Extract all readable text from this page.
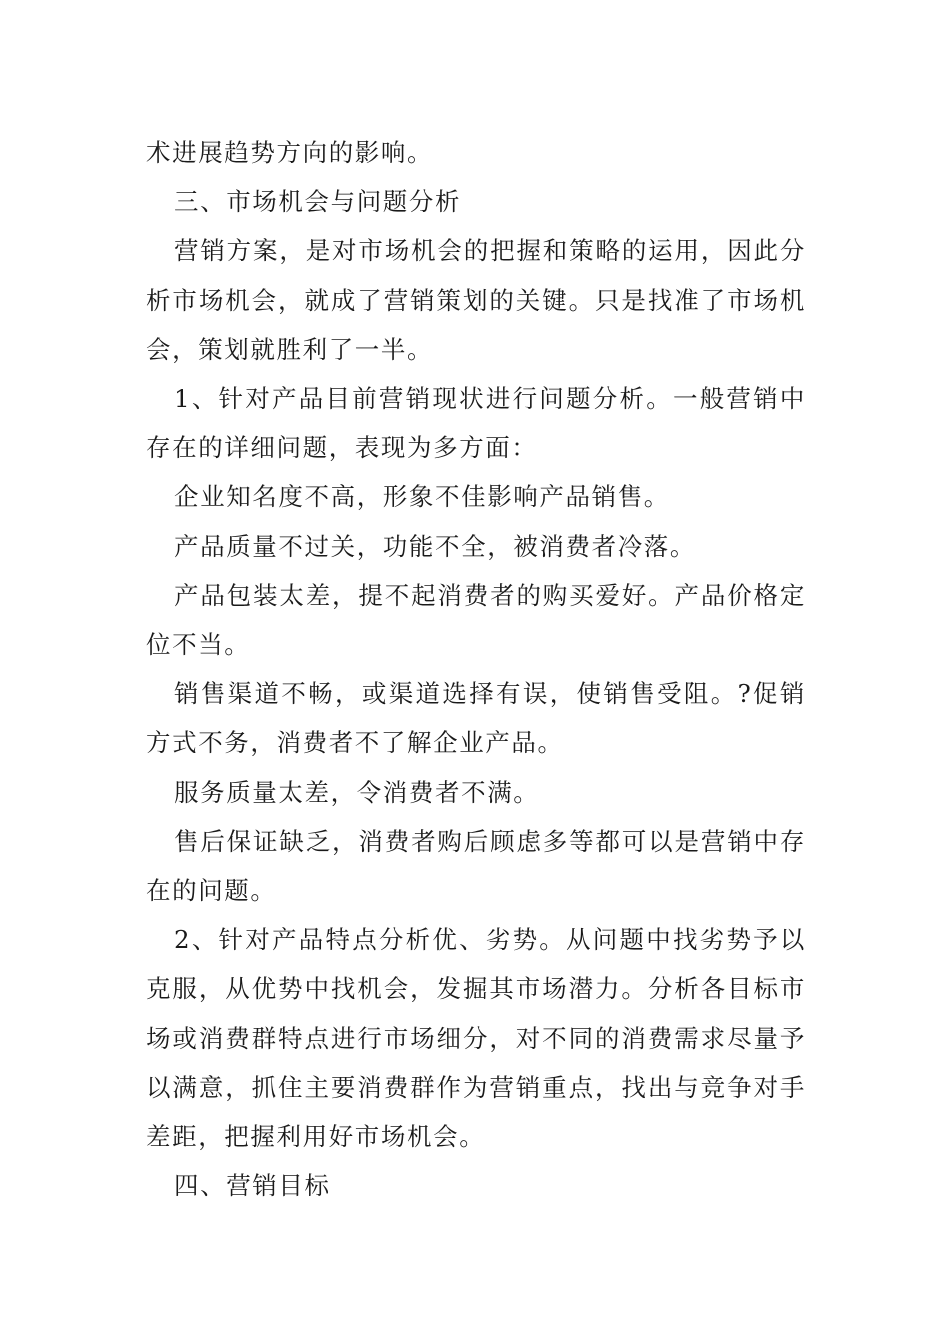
术进展趋势方向的影响。

三、市场机会与问题分析

营销方案，是对市场机会的把握和策略的运用，因此分析市场机会，就成了营销策划的关键。只是找准了市场机会，策划就胜利了一半。

1、针对产品目前营销现状进行问题分析。一般营销中存在的详细问题，表现为多方面：

企业知名度不高，形象不佳影响产品销售。

产品质量不过关，功能不全，被消费者冷落。

产品包装太差，提不起消费者的购买爱好。产品价格定位不当。

销售渠道不畅，或渠道选择有误，使销售受阻。?促销方式不务，消费者不了解企业产品。

服务质量太差，令消费者不满。

售后保证缺乏，消费者购后顾虑多等都可以是营销中存在的问题。

2、针对产品特点分析优、劣势。从问题中找劣势予以克服，从优势中找机会，发掘其市场潜力。分析各目标市场或消费群特点进行市场细分，对不同的消费需求尽量予以满意，抓住主要消费群作为营销重点，找出与竞争对手差距，把握利用好市场机会。

四、营销目标
